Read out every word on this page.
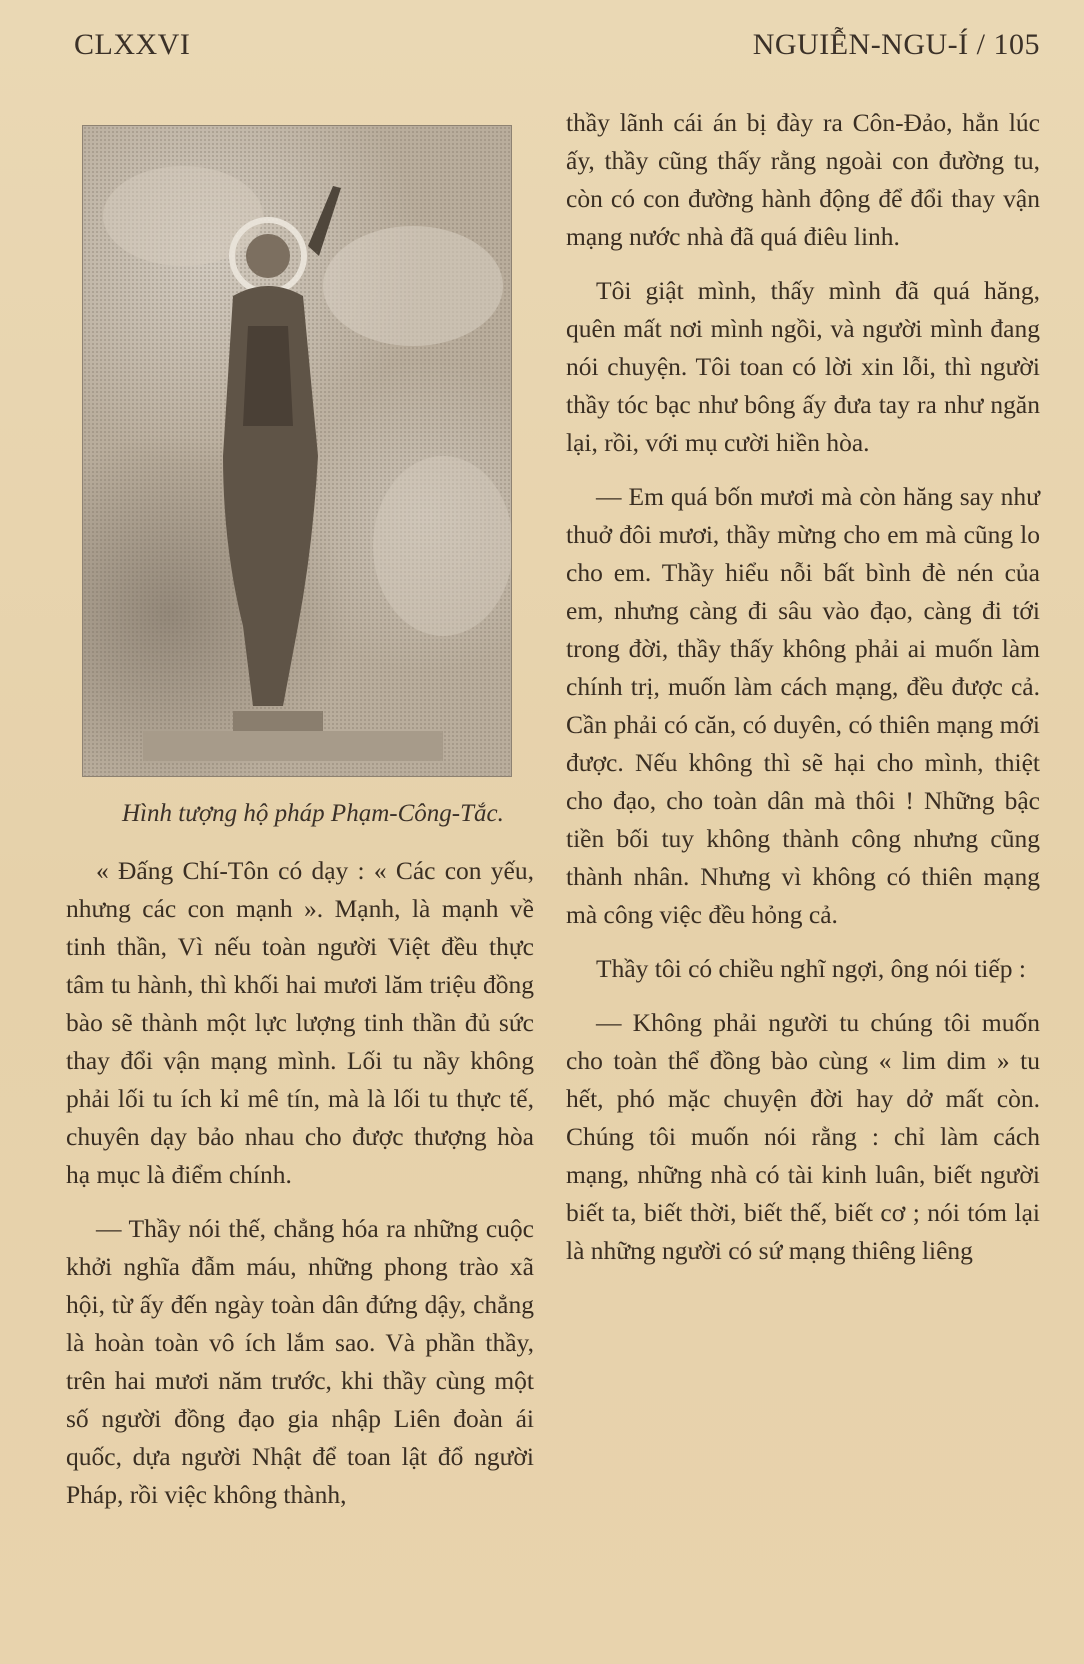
CLXXVI	NGUIỄN-NGU-Í / 105
Hình tượng hộ pháp Phạm-Công-Tắc.

« Đấng Chí-Tôn có dạy : « Các con yếu, nhưng các con mạnh ». Mạnh, là mạnh về tinh thần, Vì nếu toàn người Việt đều thực tâm tu hành, thì khối hai mươi lăm triệu đồng bào sẽ thành một lực lượng tinh thần đủ sức thay đổi vận mạng mình. Lối tu nầy không phải lối tu ích kỉ mê tín, mà là lối tu thực tế, chuyên dạy bảo nhau cho được thượng hòa hạ mục là điểm chính.

— Thầy nói thế, chẳng hóa ra những cuộc khởi nghĩa đẫm máu, những phong trào xã hội, từ ấy đến ngày toàn dân đứng dậy, chẳng là hoàn toàn vô ích lắm sao. Và phần thầy, trên hai mươi năm trước, khi thầy cùng một số người đồng đạo gia nhập Liên đoàn ái quốc, dựa người Nhật để toan lật đổ người Pháp, rồi việc không thành,

thầy lãnh cái án bị đày ra Côn-Đảo, hẳn lúc ấy, thầy cũng thấy rằng ngoài con đường tu, còn có con đường hành động để đổi thay vận mạng nước nhà đã quá điêu linh.

Tôi giật mình, thấy mình đã quá hăng, quên mất nơi mình ngồi, và người mình đang nói chuyện. Tôi toan có lời xin lỗi, thì người thầy tóc bạc như bông ấy đưa tay ra như ngăn lại, rồi, với mụ cười hiền hòa.

— Em quá bốn mươi mà còn hăng say như thuở đôi mươi, thầy mừng cho em mà cũng lo cho em. Thầy hiểu nỗi bất bình đè nén của em, nhưng càng đi sâu vào đạo, càng đi tới trong đời, thầy thấy không phải ai muốn làm chính trị, muốn làm cách mạng, đều được cả. Cần phải có căn, có duyên, có thiên mạng mới được. Nếu không thì sẽ hại cho mình, thiệt cho đạo, cho toàn dân mà thôi ! Những bậc tiền bối tuy không thành công nhưng cũng thành nhân. Nhưng vì không có thiên mạng mà công việc đều hỏng cả.

Thầy tôi có chiều nghĩ ngợi, ông nói tiếp :

— Không phải người tu chúng tôi muốn cho toàn thể đồng bào cùng « lim dim » tu hết, phó mặc chuyện đời hay dở mất còn. Chúng tôi muốn nói rằng : chỉ làm cách mạng, những nhà có tài kinh luân, biết người biết ta, biết thời, biết thế, biết cơ ; nói tóm lại là những người có sứ mạng thiêng liêng
